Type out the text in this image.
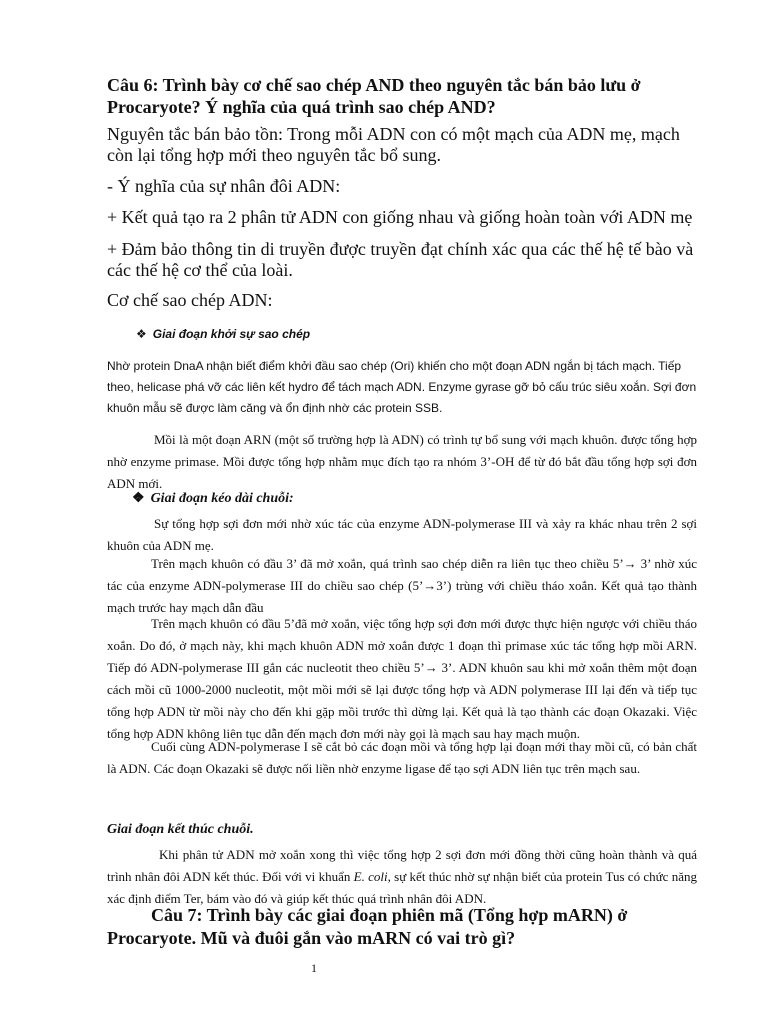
Câu 6: Trình bày cơ chế sao chép AND theo nguyên tắc bán bảo lưu ở Procaryote? Ý nghĩa của quá trình sao chép AND?

Nguyên tắc bán bảo tồn: Trong mỗi ADN con có một mạch của ADN mẹ, mạch còn lại tổng hợp mới theo nguyên tắc bổ sung.

- Ý nghĩa của sự nhân đôi ADN:

+ Kết quả tạo ra 2 phân tử ADN con giống nhau và giống hoàn toàn với ADN mẹ

+ Đảm bảo thông tin di truyền được truyền đạt chính xác qua các thế hệ tế bào và các thế hệ cơ thể của loài.

Cơ chế sao chép ADN:

❖ Giai đoạn khởi sự sao chép

Nhờ protein DnaA nhận biết điểm khởi đầu sao chép (Ori) khiến cho một đoạn ADN ngắn bị tách mạch. Tiếp theo, helicase phá vỡ các liên kết hydro để tách mạch ADN. Enzyme gyrase gỡ bỏ cấu trúc siêu xoắn. Sợi đơn khuôn mẫu sẽ được làm căng và ổn định nhờ các protein SSB.

Mồi là một đoạn ARN (một số trường hợp là ADN) có trình tự bổ sung với mạch khuôn. được tổng hợp nhờ enzyme primase. Mồi được tổng hợp nhằm mục đích tạo ra nhóm 3’-OH để từ đó bắt đầu tổng hợp sợi đơn ADN mới.

❖ Giai đoạn kéo dài chuỗi:

Sự tổng hợp sợi đơn mới nhờ xúc tác của enzyme ADN-polymerase III và xảy ra khác nhau trên 2 sợi khuôn của ADN mẹ.

Trên mạch khuôn có đầu 3’ đã mở xoắn, quá trình sao chép diễn ra liên tục theo chiều 5’→ 3’ nhờ xúc tác của enzyme ADN-polymerase III do chiều sao chép (5’→3’) trùng với chiều tháo xoắn. Kết quả tạo thành mạch trước hay mạch dẫn đầu

Trên mạch khuôn có đầu 5’đã mở xoắn, việc tổng hợp sợi đơn mới được thực hiện ngược với chiều tháo xoắn. Do đó, ở mạch này, khi mạch khuôn ADN mở xoắn được 1 đoạn thì primase xúc tác tổng hợp mồi ARN. Tiếp đó ADN-polymerase III gắn các nucleotit theo chiều 5’→ 3’. ADN khuôn sau khi mở xoắn thêm một đoạn cách mồi cũ 1000-2000 nucleotit, một mồi mới sẽ lại được tổng hợp và ADN polymerase III lại đến và tiếp tục tổng hợp ADN từ mồi này cho đến khi gặp mồi trước thì dừng lại. Kết quả là tạo thành các đoạn Okazaki. Việc tổng hợp ADN không liên tục dẫn đến mạch đơn mới này gọi là mạch sau hay mạch muộn.

Cuối cùng ADN-polymerase I sẽ cắt bỏ các đoạn mồi và tổng hợp lại đoạn mới thay mồi cũ, có bản chất là ADN. Các đoạn Okazaki sẽ được nối liền nhờ enzyme ligase để tạo sợi ADN liên tục trên mạch sau.

Giai đoạn kết thúc chuỗi.

Khi phân tử ADN mở xoắn xong thì việc tổng hợp 2 sợi đơn mới đồng thời cũng hoàn thành và quá trình nhân đôi ADN kết thúc. Đối với vi khuẩn E. coli, sự kết thúc nhờ sự nhận biết của protein Tus có chức năng xác định điểm Ter, bám vào đó và giúp kết thúc quá trình nhân đôi ADN.

Câu 7: Trình bày các giai đoạn phiên mã (Tổng hợp mARN) ở Procaryote. Mũ và đuôi gắn vào mARN có vai trò gì?

1
